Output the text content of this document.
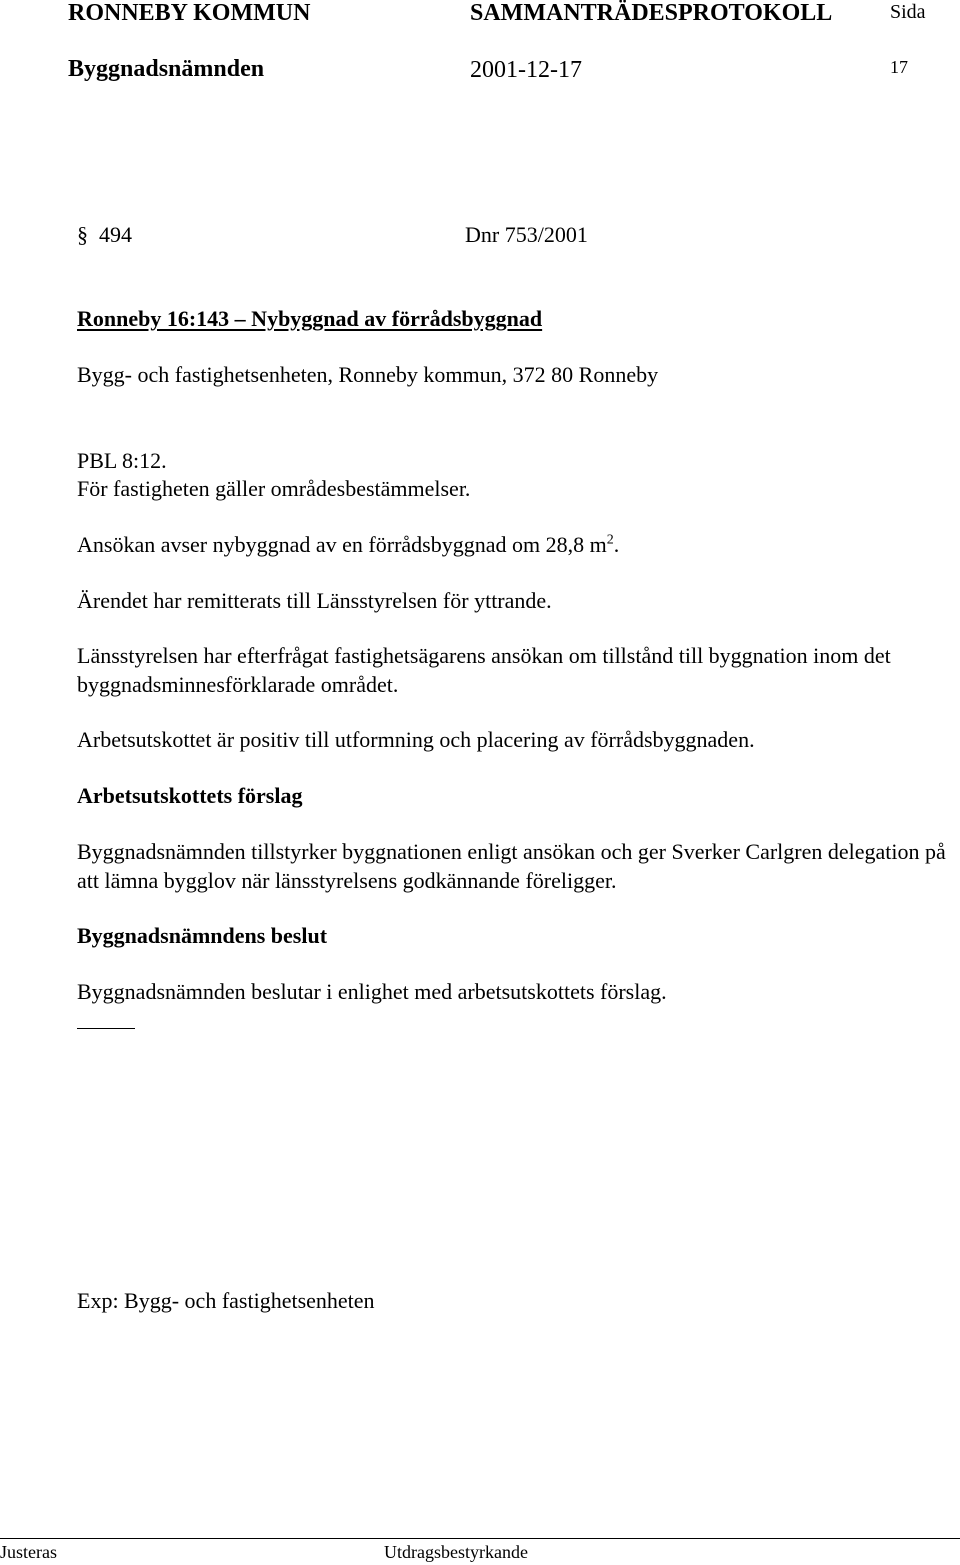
RONNEBY KOMMUN	SAMMANTRÄDESPROTOKOLL	Sida
Byggnadsnämnden	2001-12-17	17
§ 494	Dnr 753/2001
Ronneby 16:143 – Nybyggnad av förrådsbyggnad
Bygg- och fastighetsenheten, Ronneby kommun, 372 80 Ronneby
PBL 8:12.
För fastigheten gäller områdesbestämmelser.
Ansökan avser nybyggnad av en förrådsbyggnad om 28,8 $m^2$.
Ärendet har remitterats till Länsstyrelsen för yttrande.
Länsstyrelsen har efterfrågat fastighetsägarens ansökan om tillstånd till byggnation inom det byggnadsminnesförklarade området.
Arbetsutskottet är positiv till utformning och placering av förrådsbyggnaden.
Arbetsutskottets förslag
Byggnadsnämnden tillstyrker byggnationen enligt ansökan och ger Sverker Carlgren delegation på att lämna bygglov när länsstyrelsens godkännande föreligger.
Byggnadsnämndens beslut
Byggnadsnämnden beslutar i enlighet med arbetsutskottets förslag.
Exp: Bygg- och fastighetsenheten
Justeras	Utdragsbestyrkande
